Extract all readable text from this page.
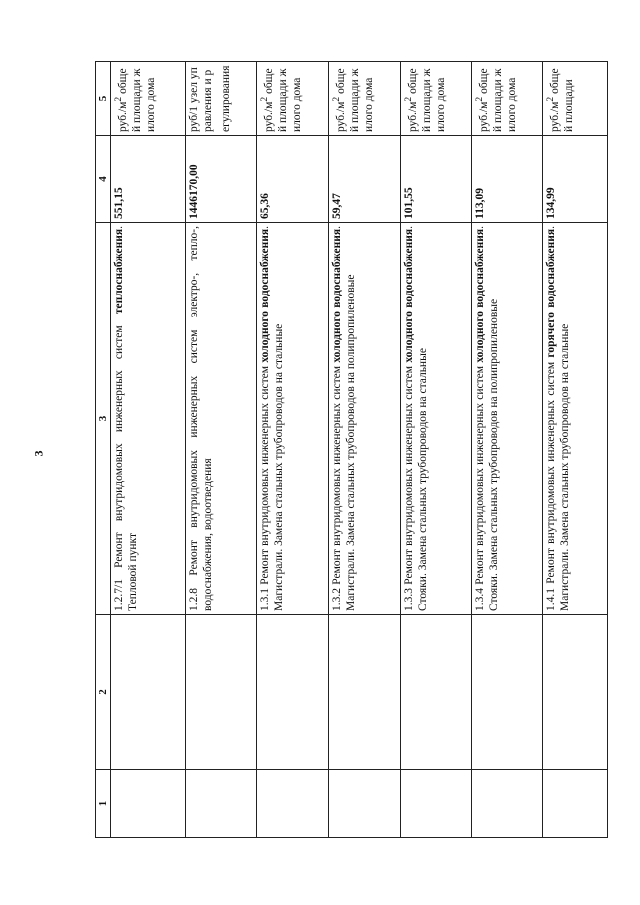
3
1	2	3	4	5
		1.2.7/1 Ремонт внутридомовых инженерных систем теплоснабжения. Тепловой пункт	551,15	$руб./м^2$ общей площади жилого дома
		1.2.8 Ремонт внутридомовых инженерных систем электро-, тепло-, водоснабжения, водоотведения	1446170,00	руб/1 узел управления и регулирования
		1.3.1 Ремонт внутридомовых инженерных систем холодного водоснабжения. Магистрали. Замена стальных трубопроводов на стальные	65,36	$руб./м^2$ общей площади жилого дома
		1.3.2 Ремонт внутридомовых инженерных систем холодного водоснабжения. Магистрали. Замена стальных трубопроводов на полипропиленовые	59,47	$руб./м^2$ общей площади жилого дома
		1.3.3 Ремонт внутридомовых инженерных систем холодного водоснабжения. Стояки. Замена стальных трубопроводов на стальные	101,55	$руб./м^2$ общей площади жилого дома
		1.3.4 Ремонт внутридомовых инженерных систем холодного водоснабжения. Стояки. Замена стальных трубопроводов на полипропиленовые	113,09	$руб./м^2$ общей площади жилого дома
		1.4.1 Ремонт внутридомовых инженерных систем горячего водоснабжения. Магистрали. Замена стальных трубопроводов на стальные	134,99	$руб./м^2$ общей площади
